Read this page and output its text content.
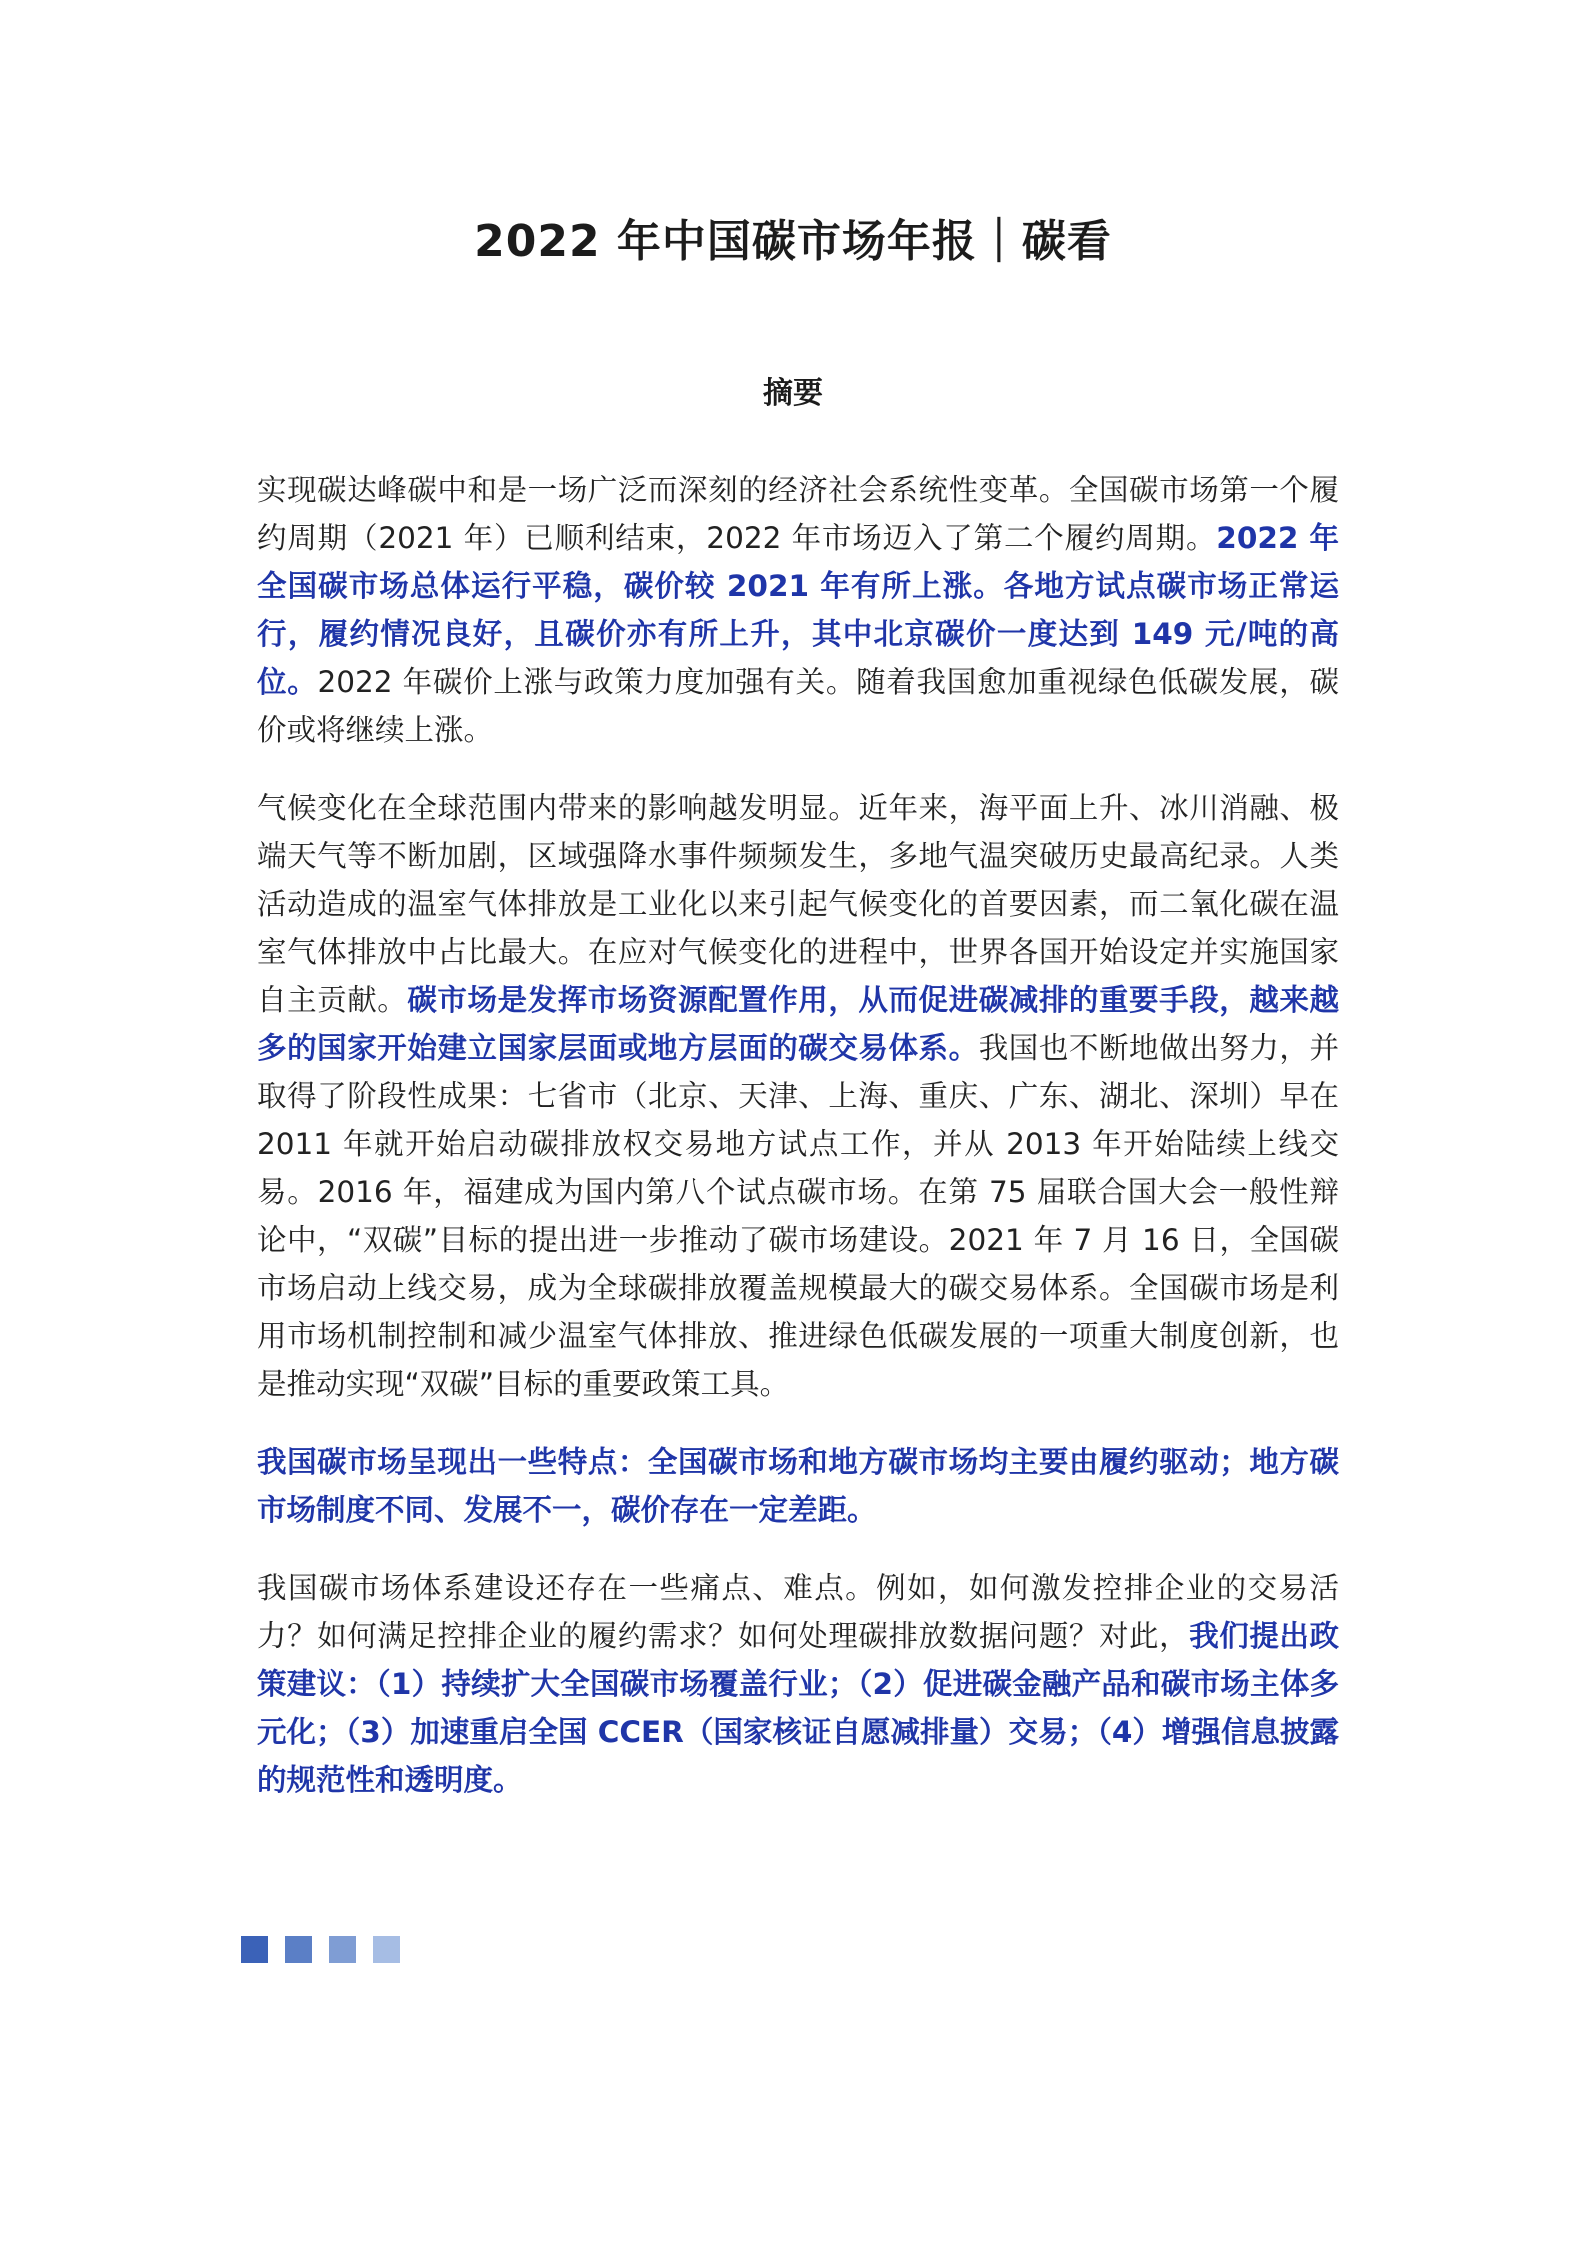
2022 年中国碳市场年报｜碳看
摘要

实现碳达峰碳中和是一场广泛而深刻的经济社会系统性变革。全国碳市场第一个履约周期（2021 年）已顺利结束，2022 年市场迈入了第二个履约周期。2022 年全国碳市场总体运行平稳，碳价较 2021 年有所上涨。各地方试点碳市场正常运行，履约情况良好，且碳价亦有所上升，其中北京碳价一度达到 149 元/吨的高位。2022 年碳价上涨与政策力度加强有关。随着我国愈加重视绿色低碳发展，碳价或将继续上涨。

气候变化在全球范围内带来的影响越发明显。近年来，海平面上升、冰川消融、极端天气等不断加剧，区域强降水事件频频发生，多地气温突破历史最高纪录。人类活动造成的温室气体排放是工业化以来引起气候变化的首要因素，而二氧化碳在温室气体排放中占比最大。在应对气候变化的进程中，世界各国开始设定并实施国家自主贡献。碳市场是发挥市场资源配置作用，从而促进碳减排的重要手段，越来越多的国家开始建立国家层面或地方层面的碳交易体系。我国也不断地做出努力，并取得了阶段性成果：七省市（北京、天津、上海、重庆、广东、湖北、深圳）早在 2011 年就开始启动碳排放权交易地方试点工作，并从 2013 年开始陆续上线交易。2016 年，福建成为国内第八个试点碳市场。在第 75 届联合国大会一般性辩论中，“双碳”目标的提出进一步推动了碳市场建设。2021 年 7 月 16 日，全国碳市场启动上线交易，成为全球碳排放覆盖规模最大的碳交易体系。全国碳市场是利用市场机制控制和减少温室气体排放、推进绿色低碳发展的一项重大制度创新，也是推动实现“双碳”目标的重要政策工具。

我国碳市场呈现出一些特点：全国碳市场和地方碳市场均主要由履约驱动；地方碳市场制度不同、发展不一，碳价存在一定差距。

我国碳市场体系建设还存在一些痛点、难点。例如，如何激发控排企业的交易活力？如何满足控排企业的履约需求？如何处理碳排放数据问题？对此，我们提出政策建议：（1）持续扩大全国碳市场覆盖行业；（2）促进碳金融产品和碳市场主体多元化；（3）加速重启全国 CCER（国家核证自愿减排量）交易；（4）增强信息披露的规范性和透明度。
